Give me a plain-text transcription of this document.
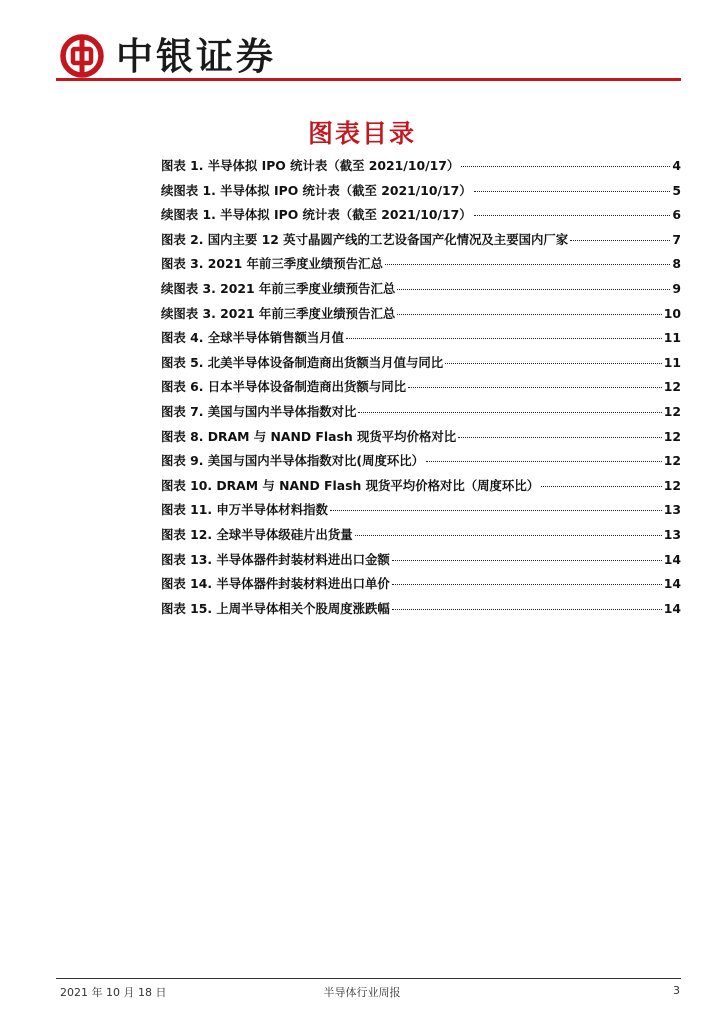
中银证券
图表目录
图表 1. 半导体拟 IPO 统计表（截至 2021/10/17）	4
续图表 1. 半导体拟 IPO 统计表（截至 2021/10/17）	5
续图表 1. 半导体拟 IPO 统计表（截至 2021/10/17）	6
图表 2. 国内主要 12 英寸晶圆产线的工艺设备国产化情况及主要国内厂家	7
图表 3. 2021 年前三季度业绩预告汇总	8
续图表 3. 2021 年前三季度业绩预告汇总	9
续图表 3. 2021 年前三季度业绩预告汇总	10
图表 4. 全球半导体销售额当月值	11
图表 5. 北美半导体设备制造商出货额当月值与同比	11
图表 6. 日本半导体设备制造商出货额与同比	12
图表 7. 美国与国内半导体指数对比	12
图表 8. DRAM 与 NAND Flash 现货平均价格对比	12
图表 9. 美国与国内半导体指数对比(周度环比）	12
图表 10. DRAM 与 NAND Flash 现货平均价格对比（周度环比）	12
图表 11. 申万半导体材料指数	13
图表 12. 全球半导体级硅片出货量	13
图表 13. 半导体器件封装材料进出口金额	14
图表 14. 半导体器件封装材料进出口单价	14
图表 15. 上周半导体相关个股周度涨跌幅	14
2021 年 10 月 18 日	半导体行业周报	3
